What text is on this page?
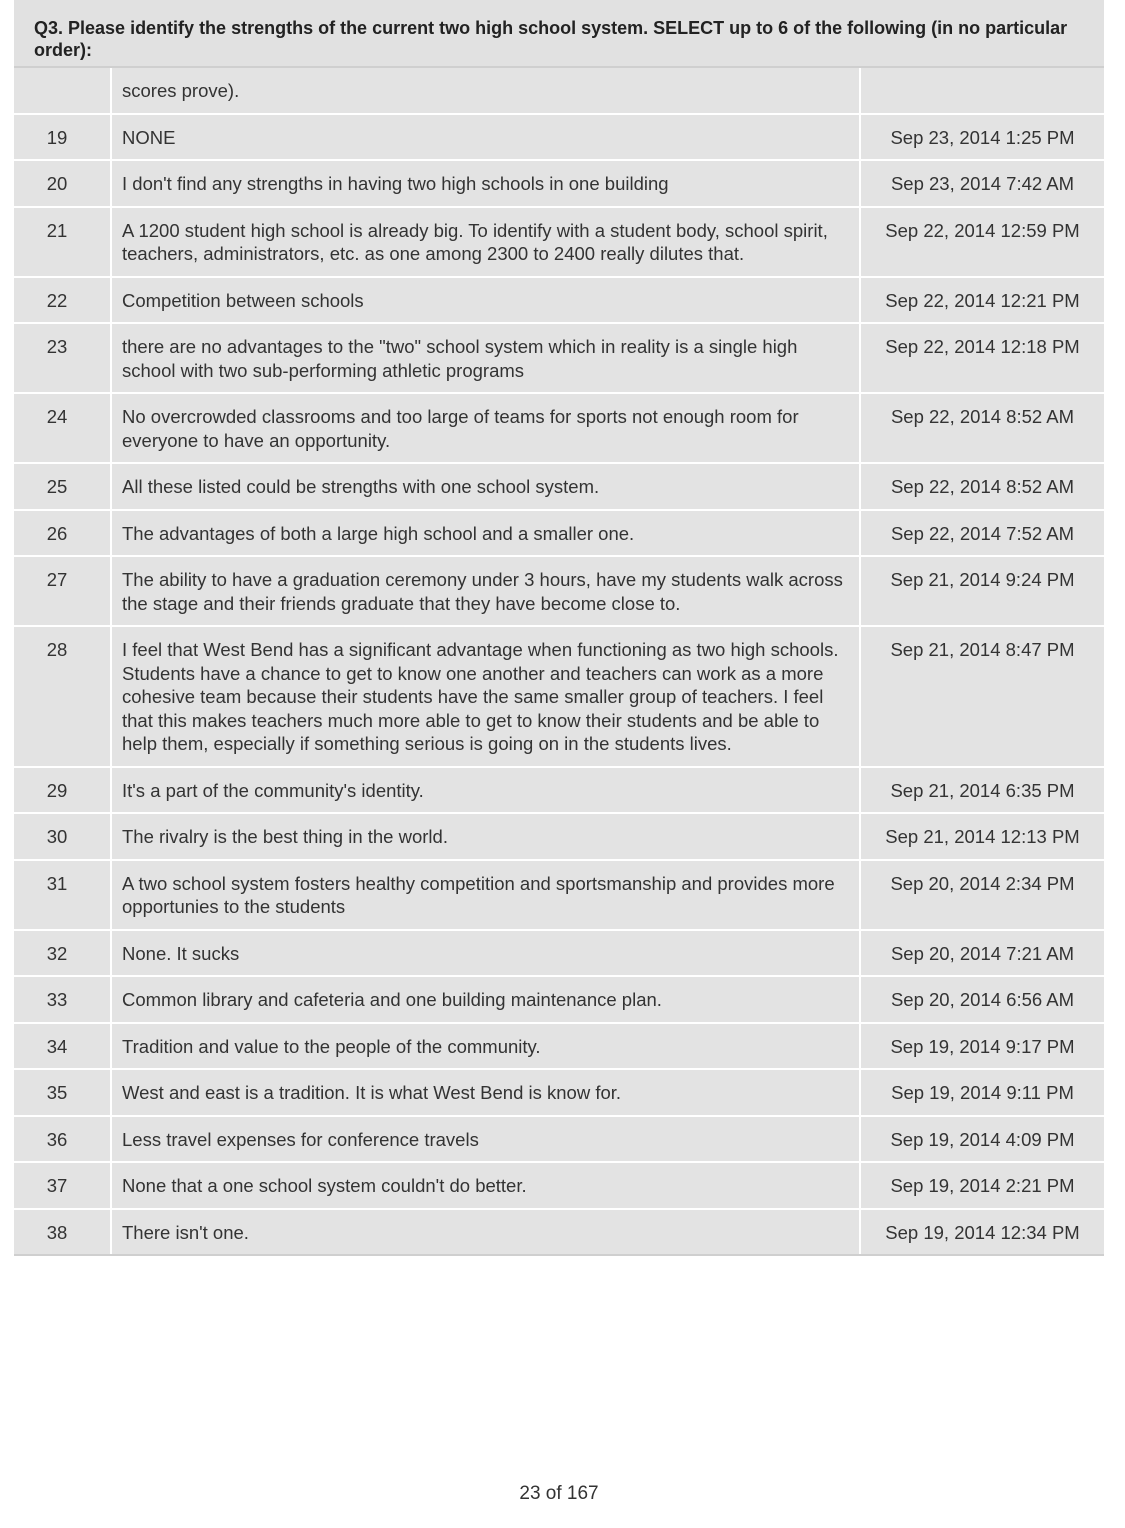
Q3. Please identify the strengths of the current two high school system. SELECT up to 6 of the following (in no particular order):
	scores prove).	
19	NONE	Sep 23, 2014 1:25 PM
20	I don't find any strengths in having two high schools in one building	Sep 23, 2014 7:42 AM
21	A 1200 student high school is already big. To identify with a student body, school spirit, teachers, administrators, etc. as one among 2300 to 2400 really dilutes that.	Sep 22, 2014 12:59 PM
22	Competition between schools	Sep 22, 2014 12:21 PM
23	there are no advantages to the "two" school system which in reality is a single high school with two sub-performing athletic programs	Sep 22, 2014 12:18 PM
24	No overcrowded classrooms and too large of teams for sports not enough room for everyone to have an opportunity.	Sep 22, 2014 8:52 AM
25	All these listed could be strengths with one school system.	Sep 22, 2014 8:52 AM
26	The advantages of both a large high school and a smaller one.	Sep 22, 2014 7:52 AM
27	The ability to have a graduation ceremony under 3 hours, have my students walk across the stage and their friends graduate that they have become close to.	Sep 21, 2014 9:24 PM
28	I feel that West Bend has a significant advantage when functioning as two high schools. Students have a chance to get to know one another and teachers can work as a more cohesive team because their students have the same smaller group of teachers. I feel that this makes teachers much more able to get to know their students and be able to help them, especially if something serious is going on in the students lives.	Sep 21, 2014 8:47 PM
29	It's a part of the community's identity.	Sep 21, 2014 6:35 PM
30	The rivalry is the best thing in the world.	Sep 21, 2014 12:13 PM
31	A two school system fosters healthy competition and sportsmanship and provides more opportunies to the students	Sep 20, 2014 2:34 PM
32	None. It sucks	Sep 20, 2014 7:21 AM
33	Common library and cafeteria and one building maintenance plan.	Sep 20, 2014 6:56 AM
34	Tradition and value to the people of the community.	Sep 19, 2014 9:17 PM
35	West and east is a tradition. It is what West Bend is know for.	Sep 19, 2014 9:11 PM
36	Less travel expenses for conference travels	Sep 19, 2014 4:09 PM
37	None that a one school system couldn't do better.	Sep 19, 2014 2:21 PM
38	There isn't one.	Sep 19, 2014 12:34 PM
23 of 167
